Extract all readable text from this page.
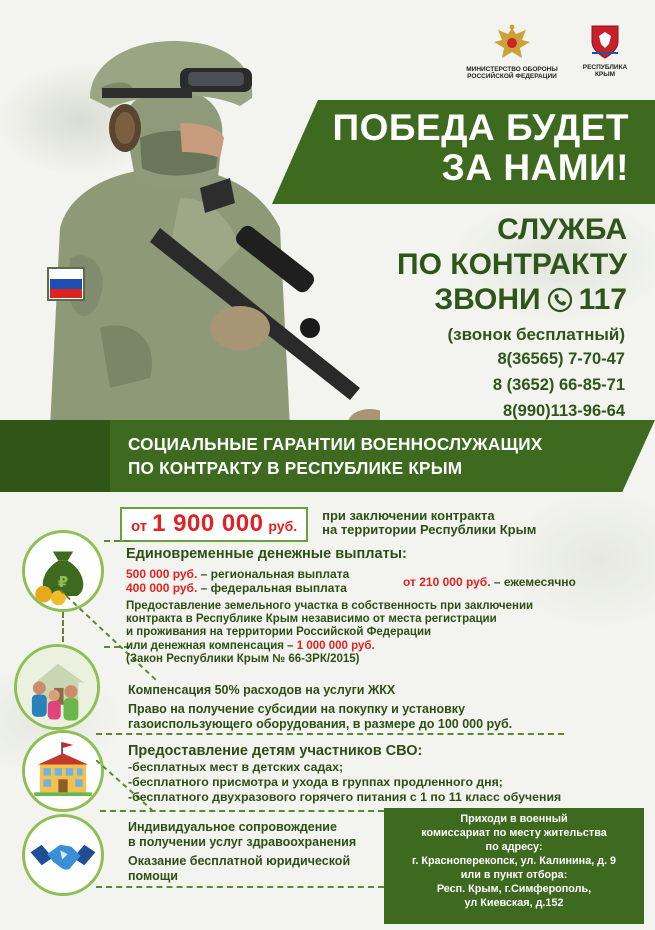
МИНИСТЕРСТВО ОБОРОНЫ РОССИЙСКОЙ ФЕДЕРАЦИИ
РЕСПУБЛИКА КРЫМ
ПОБЕДА БУДЕТ
ЗА НАМИ!
СЛУЖБА
ПО КОНТРАКТУ
ЗВОНИ 117
(звонок бесплатный)
8(36565) 7-70-47
8 (3652) 66-85-71
8(990)113-96-64
СОЦИАЛЬНЫЕ ГАРАНТИИ ВОЕННОСЛУЖАЩИХ
ПО КОНТРАКТУ В РЕСПУБЛИКЕ КРЫМ
от 1 900 000 руб.
при заключении контракта
на территории Республики Крым
₽
Единовременные денежные выплаты:
500 000 руб. – региональная выплата
400 000 руб. – федеральная выплата	от 210 000 руб. – ежемесячно
Предоставление земельного участка в собственность при заключении
контракта в Республике Крым независимо от места регистрации
и проживания на территории Российской Федерации
или денежная компенсация – 1 000 000 руб.
(Закон Республики Крым № 66-ЗРК/2015)
Компенсация 50% расходов на услуги ЖКХ
Право на получение субсидии на покупку и установку
газоиспользующего оборудования, в размере до 100 000 руб.
Предоставление детям участников СВО:
-бесплатных мест в детских садах;
-бесплатного присмотра и ухода в группах продленного дня;
-бесплатного двухразового горячего питания с 1 по 11 класс обучения
Индивидуальное сопровождение
в получении услуг здравоохранения
Оказание бесплатной юридической
помощи
Приходи в военный
комиссариат по месту жительства
по адресу:
г. Красноперекопск, ул. Калинина, д. 9
или в пункт отбора:
Респ. Крым, г.Симферополь,
ул Киевская, д.152
